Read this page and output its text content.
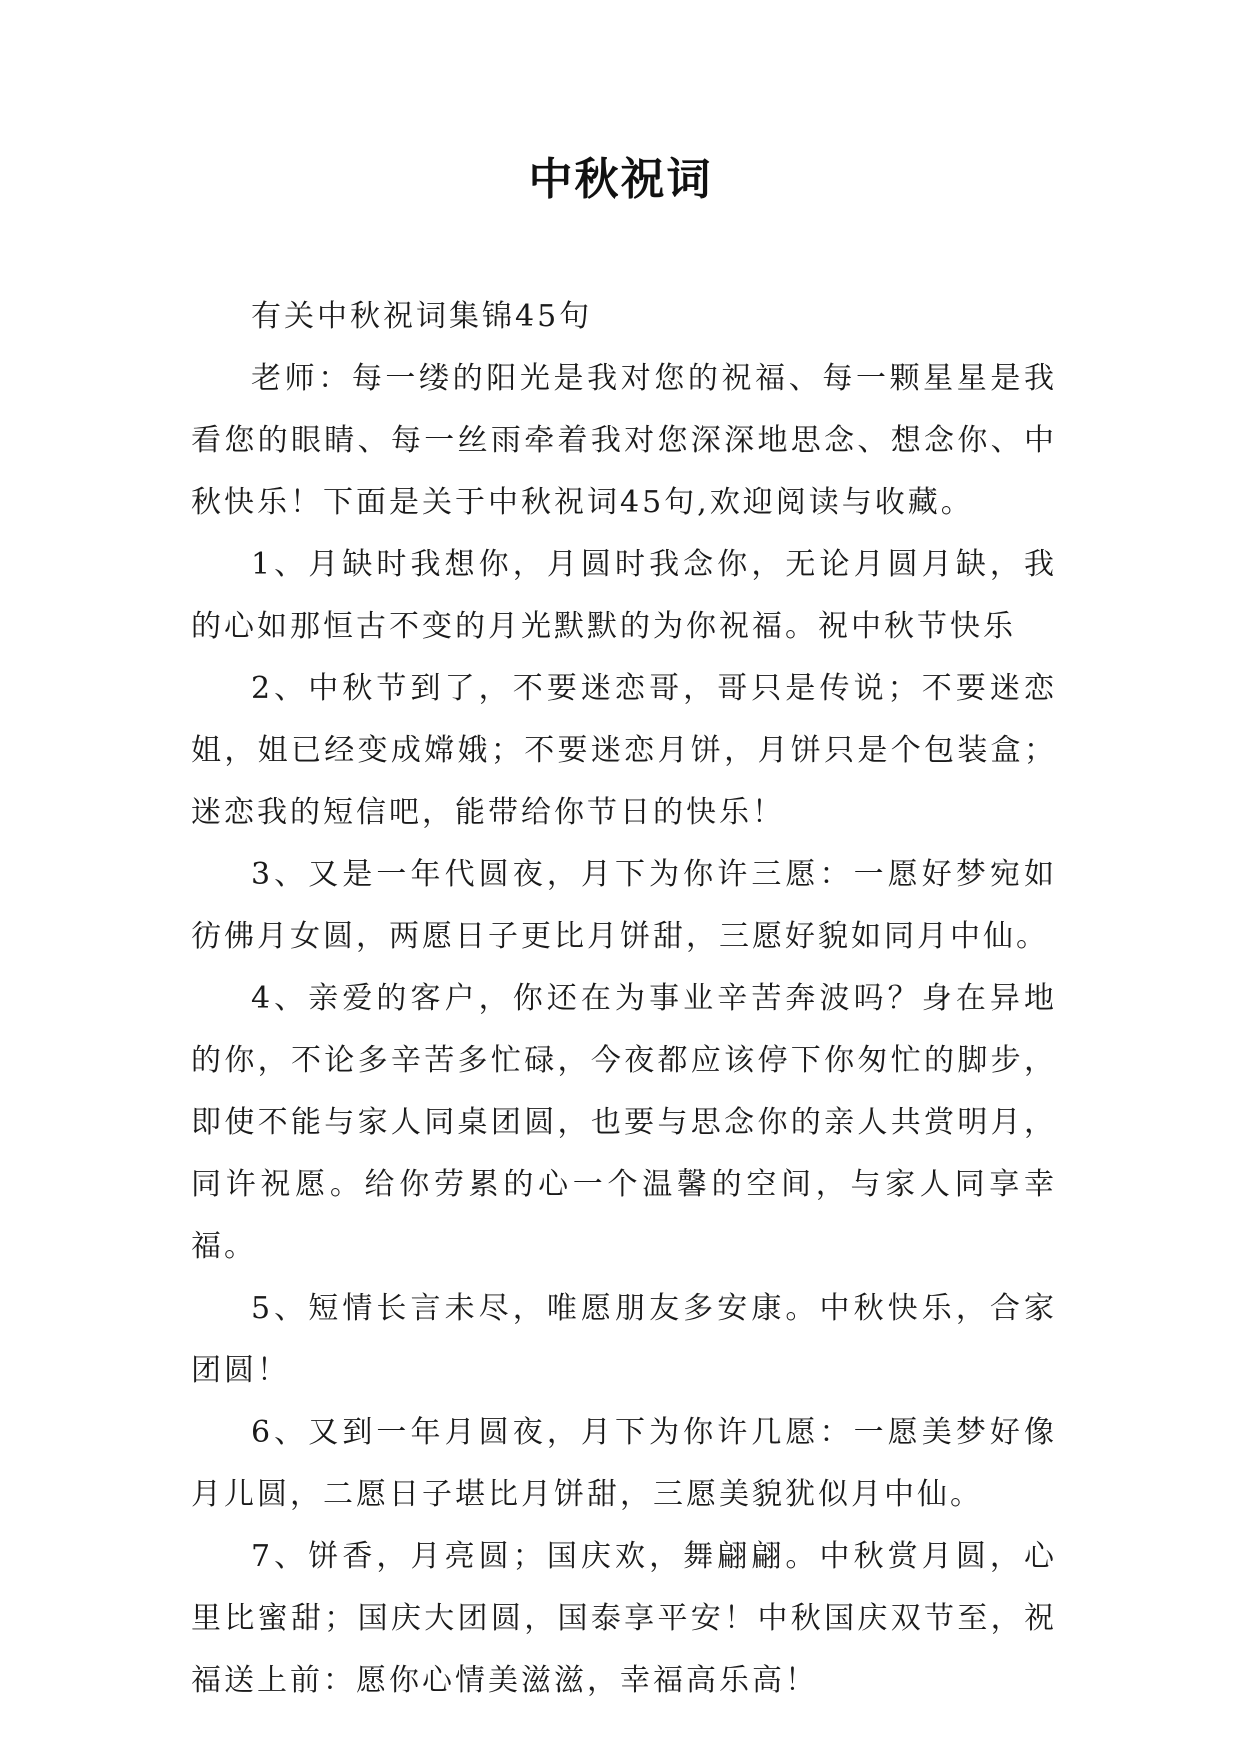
中秋祝词

有关中秋祝词集锦45句

老师：每一缕的阳光是我对您的祝福、每一颗星星是我看您的眼睛、每一丝雨牵着我对您深深地思念、想念你、中秋快乐！下面是关于中秋祝词45句,欢迎阅读与收藏。

1、月缺时我想你，月圆时我念你，无论月圆月缺，我的心如那恒古不变的月光默默的为你祝福。祝中秋节快乐

2、中秋节到了，不要迷恋哥，哥只是传说；不要迷恋姐，姐已经变成嫦娥；不要迷恋月饼，月饼只是个包装盒；迷恋我的短信吧，能带给你节日的快乐！

3、又是一年代圆夜，月下为你许三愿：一愿好梦宛如彷佛月女圆，两愿日子更比月饼甜，三愿好貌如同月中仙。

4、亲爱的客户，你还在为事业辛苦奔波吗？身在异地的你，不论多辛苦多忙碌，今夜都应该停下你匆忙的脚步，即使不能与家人同桌团圆，也要与思念你的亲人共赏明月，同许祝愿。给你劳累的心一个温馨的空间，与家人同享幸福。

5、短情长言未尽，唯愿朋友多安康。中秋快乐，合家团圆！

6、又到一年月圆夜，月下为你许几愿：一愿美梦好像月儿圆，二愿日子堪比月饼甜，三愿美貌犹似月中仙。

7、饼香，月亮圆；国庆欢，舞翩翩。中秋赏月圆，心里比蜜甜；国庆大团圆，国泰享平安！中秋国庆双节至，祝福送上前：愿你心情美滋滋，幸福高乐高！
